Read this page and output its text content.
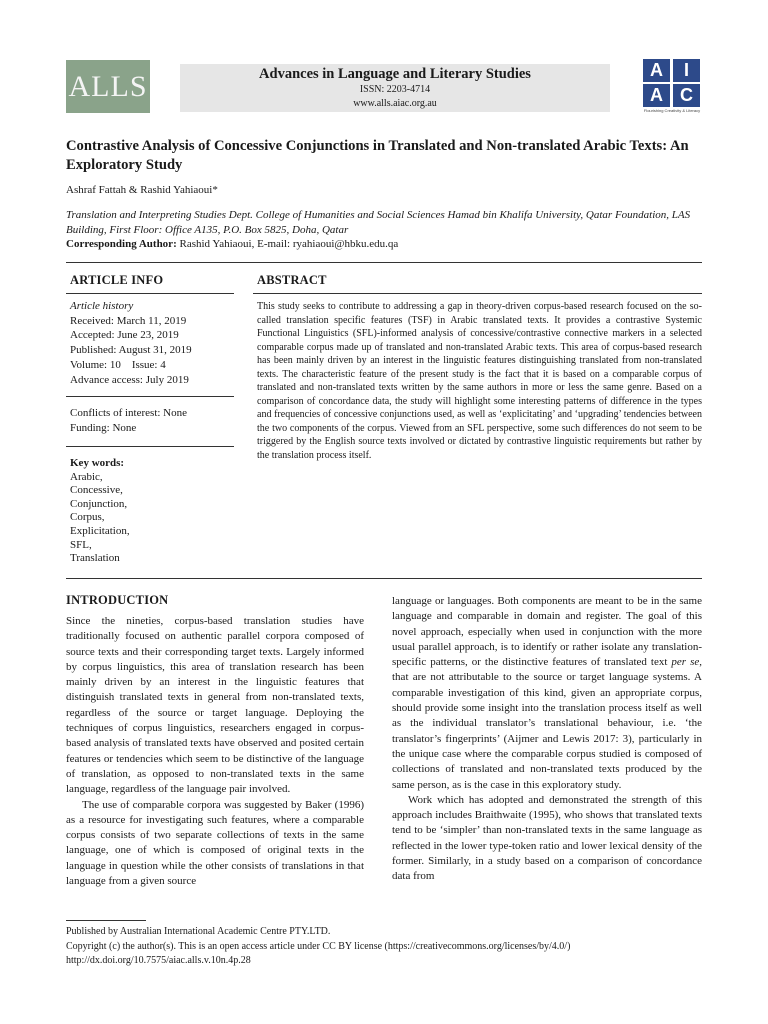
ALLS	Advances in Language and Literary Studies
ISSN: 2203-4714
www.alls.aiac.org.au
A	I
A C
Flourishing Creativity & Literacy
Contrastive Analysis of Concessive Conjunctions in Translated and Non-translated Arabic Texts: An Exploratory Study
Ashraf Fattah & Rashid Yahiaoui*
Translation and Interpreting Studies Dept. College of Humanities and Social Sciences Hamad bin Khalifa University, Qatar Foundation, LAS Building, First Floor: Office A135, P.O. Box 5825, Doha, Qatar
Corresponding Author: Rashid Yahiaoui, E-mail: ryahiaoui@hbku.edu.qa
ARTICLE INFO
Article history
Received: March 11, 2019
Accepted: June 23, 2019
Published: August 31, 2019
Volume: 10    Issue: 4
Advance access: July 2019
Conflicts of interest: None
Funding: None
Key words:
Arabic,
Concessive,
Conjunction,
Corpus,
Explicitation,
SFL,
Translation
ABSTRACT
This study seeks to contribute to addressing a gap in theory-driven corpus-based research focused on the so-called translation specific features (TSF) in Arabic translated texts. It provides a contrastive Systemic Functional Linguistics (SFL)-informed analysis of concessive/contrastive connective markers in a selected comparable corpus made up of translated and non-translated Arabic texts. This area of corpus-based research has been mainly driven by an interest in the linguistic features distinguishing translated from non-translated texts. The characteristic feature of the present study is the fact that it is based on a comparable corpus of translated and non-translated texts written by the same authors in more or less the same genre. Based on a comparison of concordance data, the study will highlight some interesting patterns of difference in the types and frequencies of concessive conjunctions used, as well as ‘explicitating’ and ‘upgrading’ tendencies between the two components of the corpus. Viewed from an SFL perspective, some such differences do not seem to be triggered by the English source texts involved or dictated by contrastive linguistic requirements but rather by the translation process itself.
INTRODUCTION

Since the nineties, corpus-based translation studies have traditionally focused on authentic parallel corpora composed of source texts and their corresponding target texts. Largely informed by corpus linguistics, this area of translation research has been mainly driven by an interest in the linguistic features that distinguish translated texts in general from non-translated texts, regardless of the source or target language. Deploying the techniques of corpus linguistics, researchers engaged in corpus-based analysis of translated texts have observed and posited certain features or tendencies which seem to be distinctive of the language of translation, as opposed to non-translated texts in the same language, regardless of the language pair involved.

The use of comparable corpora was suggested by Baker (1996) as a resource for investigating such features, where a comparable corpus consists of two separate collections of texts in the same language, one of which is composed of original texts in the language in question while the other consists of translations in that language from a given source

language or languages. Both components are meant to be in the same language and comparable in domain and register. The goal of this novel approach, especially when used in conjunction with the more usual parallel approach, is to identify or rather isolate any translation-specific patterns, or the distinctive features of translated text per se, that are not attributable to the source or target language systems. A comparable investigation of this kind, given an appropriate corpus, should provide some insight into the translation process itself as well as the individual translator’s translational behaviour, i.e. ‘the translator’s fingerprints’ (Aijmer and Lewis 2017: 3), particularly in the unique case where the comparable corpus studied is composed of collections of translated and non-translated texts produced by the same person, as is the case in this exploratory study.

Work which has adopted and demonstrated the strength of this approach includes Braithwaite (1995), who shows that translated texts tend to be ‘simpler’ than non-translated texts in the same language as reflected in the lower type-token ratio and lower lexical density of the former. Similarly, in a study based on a comparison of concordance data from

Published by Australian International Academic Centre PTY.LTD.
Copyright (c) the author(s). This is an open access article under CC BY license (https://creativecommons.org/licenses/by/4.0/)
http://dx.doi.org/10.7575/aiac.alls.v.10n.4p.28
